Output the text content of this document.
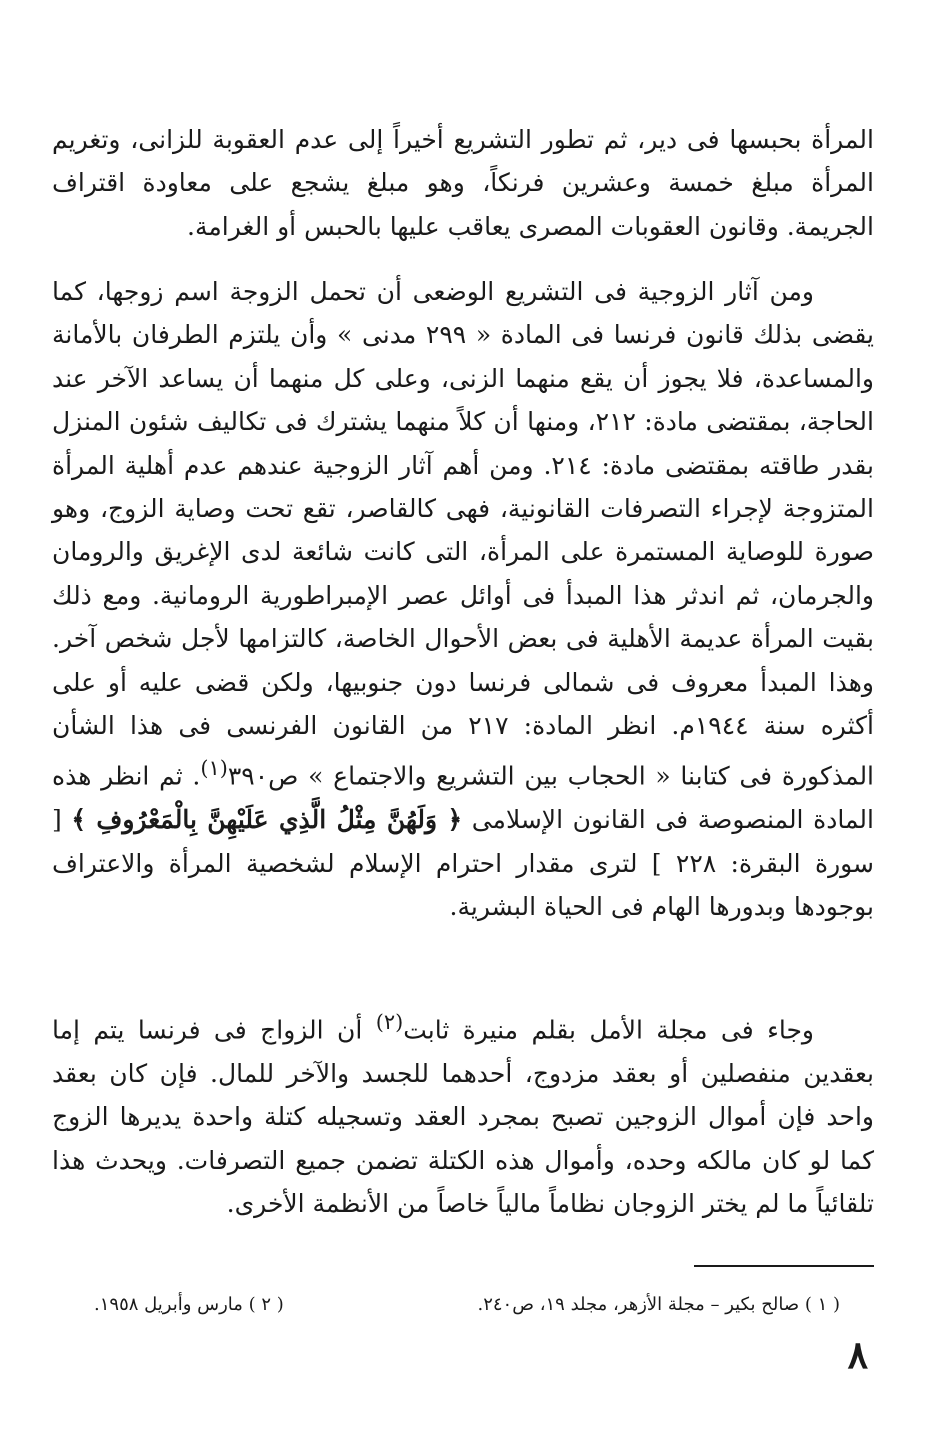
المرأة بحبسها فى دير، ثم تطور التشريع أخيراً إلى عدم العقوبة للزانى، وتغريم المرأة مبلغ خمسة وعشرين فرنكاً، وهو مبلغ يشجع على معاودة اقتراف الجريمة. وقانون العقوبات المصرى يعاقب عليها بالحبس أو الغرامة.

ومن آثار الزوجية فى التشريع الوضعى أن تحمل الزوجة اسم زوجها، كما يقضى بذلك قانون فرنسا فى المادة « ٢٩٩ مدنى » وأن يلتزم الطرفان بالأمانة والمساعدة، فلا يجوز أن يقع منهما الزنى، وعلى كل منهما أن يساعد الآخر عند الحاجة، بمقتضى مادة: ٢١٢، ومنها أن كلاً منهما يشترك فى تكاليف شئون المنزل بقدر طاقته بمقتضى مادة: ٢١٤. ومن أهم آثار الزوجية عندهم عدم أهلية المرأة المتزوجة لإجراء التصرفات القانونية، فهى كالقاصر، تقع تحت وصاية الزوج، وهو صورة للوصاية المستمرة على المرأة، التى كانت شائعة لدى الإغريق والرومان والجرمان، ثم اندثر هذا المبدأ فى أوائل عصر الإمبراطورية الرومانية. ومع ذلك بقيت المرأة عديمة الأهلية فى بعض الأحوال الخاصة، كالتزامها لأجل شخص آخر. وهذا المبدأ معروف فى شمالى فرنسا دون جنوبيها، ولكن قضى عليه أو على أكثره سنة ١٩٤٤م. انظر المادة: ٢١٧ من القانون الفرنسى فى هذا الشأن المذكورة فى كتابنا « الحجاب بين التشريع والاجتماع » ص٣٩٠$^{(١)}$. ثم انظر هذه المادة المنصوصة فى القانون الإسلامى ﴿ وَلَهُنَّ مِثْلُ الَّذِي عَلَيْهِنَّ بِالْمَعْرُوفِ ﴾ [ سورة البقرة: ٢٢٨ ] لترى مقدار احترام الإسلام لشخصية المرأة والاعتراف بوجودها وبدورها الهام فى الحياة البشرية.

وجاء فى مجلة الأمل بقلم منيرة ثابت$^{(٢)}$ أن الزواج فى فرنسا يتم إما بعقدين منفصلين أو بعقد مزدوج، أحدهما للجسد والآخر للمال. فإن كان بعقد واحد فإن أموال الزوجين تصبح بمجرد العقد وتسجيله كتلة واحدة يديرها الزوج كما لو كان مالكه وحده، وأموال هذه الكتلة تضمن جميع التصرفات. ويحدث هذا تلقائياً ما لم يختر الزوجان نظاماً مالياً خاصاً من الأنظمة الأخرى.

( ١ ) صالح بكير – مجلة الأزهر، مجلد ١٩، ص٢٤٠.
( ٢ ) مارس وأبريل ١٩٥٨.
٨
